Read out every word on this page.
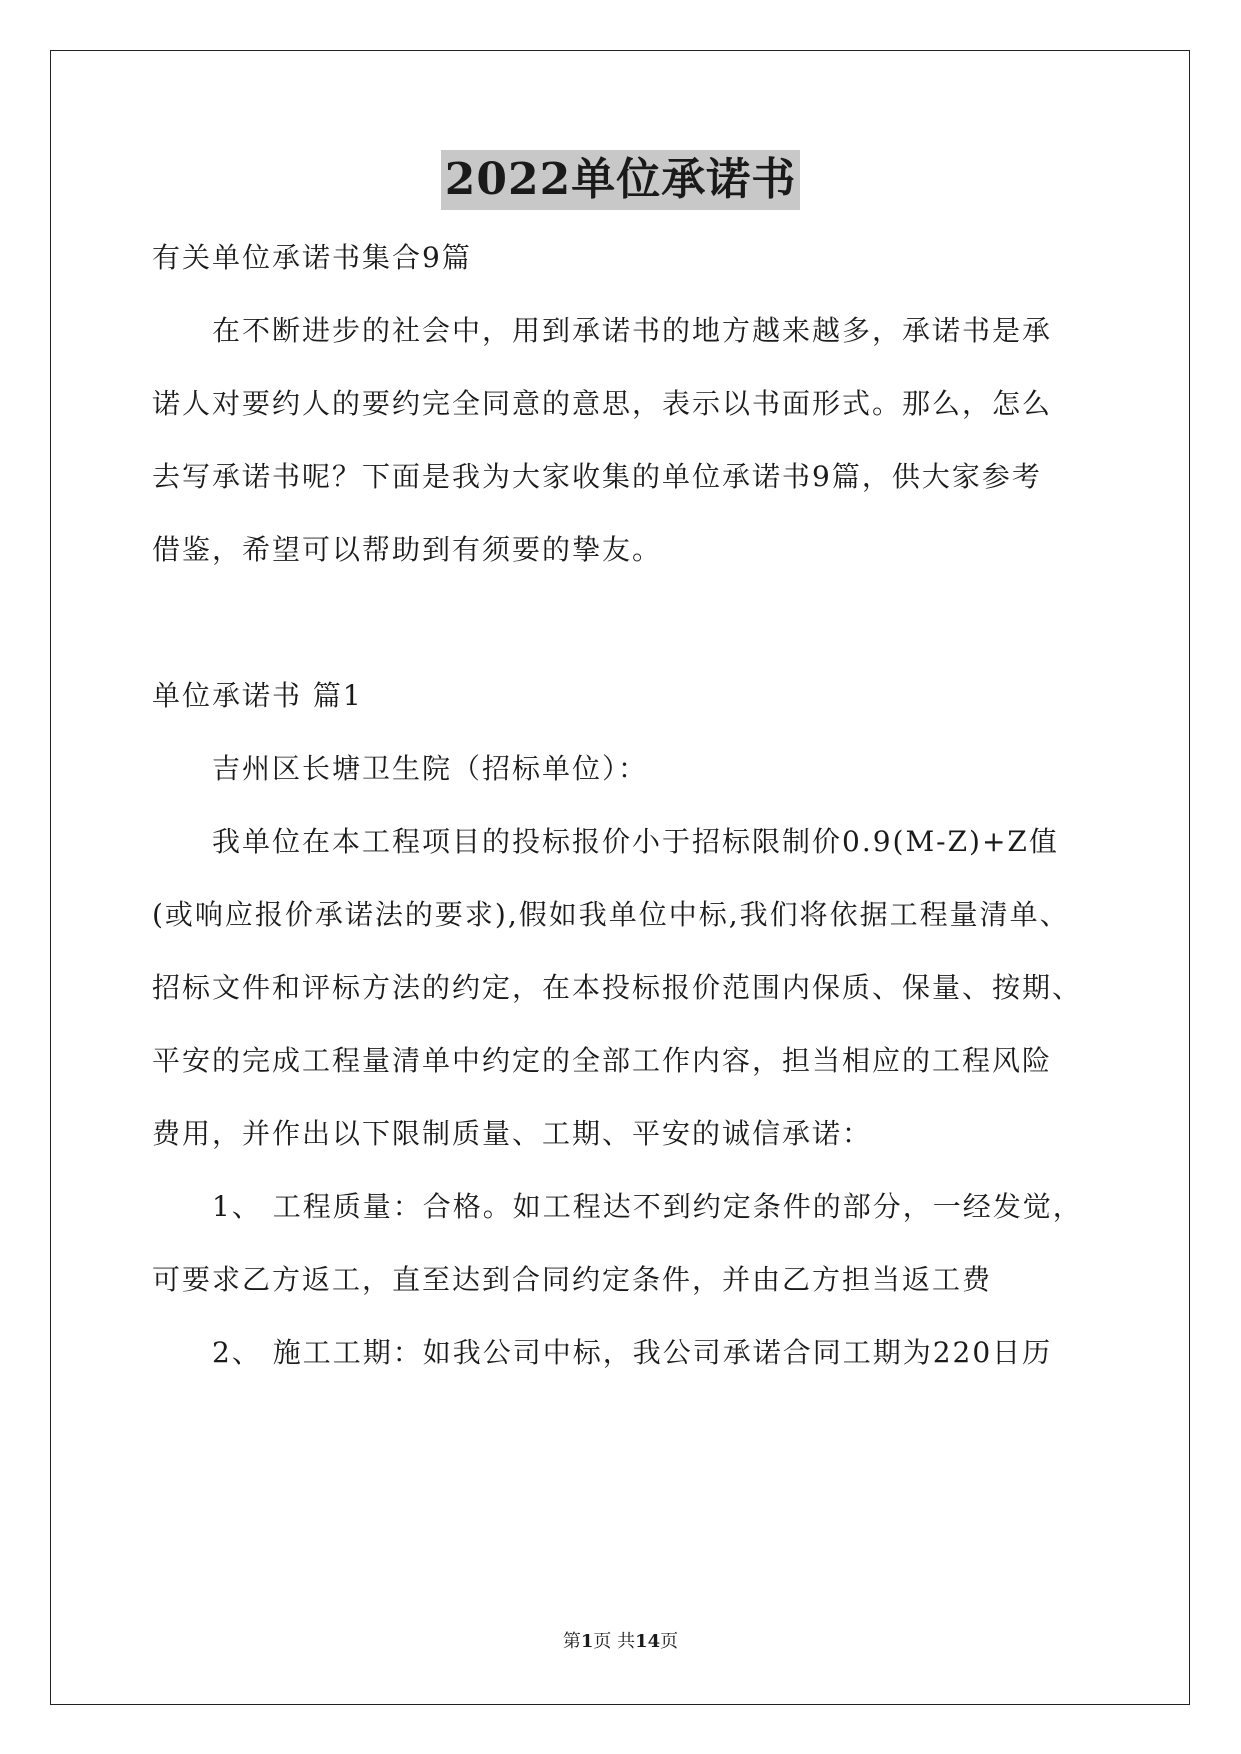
2022单位承诺书
有关单位承诺书集合9篇
在不断进步的社会中，用到承诺书的地方越来越多，承诺书是承
诺人对要约人的要约完全同意的意思，表示以书面形式。那么，怎么
去写承诺书呢？下面是我为大家收集的单位承诺书9篇，供大家参考
借鉴，希望可以帮助到有须要的挚友。
单位承诺书 篇1
吉州区长塘卫生院（招标单位）：
我单位在本工程项目的投标报价小于招标限制价0.9(M-Z)+Z值
(或响应报价承诺法的要求),假如我单位中标,我们将依据工程量清单、
招标文件和评标方法的约定，在本投标报价范围内保质、保量、按期、
平安的完成工程量清单中约定的全部工作内容，担当相应的工程风险
费用，并作出以下限制质量、工期、平安的诚信承诺：
1、 工程质量：合格。如工程达不到约定条件的部分，一经发觉，
可要求乙方返工，直至达到合同约定条件，并由乙方担当返工费
2、 施工工期：如我公司中标，我公司承诺合同工期为220日历
第1页 共14页
